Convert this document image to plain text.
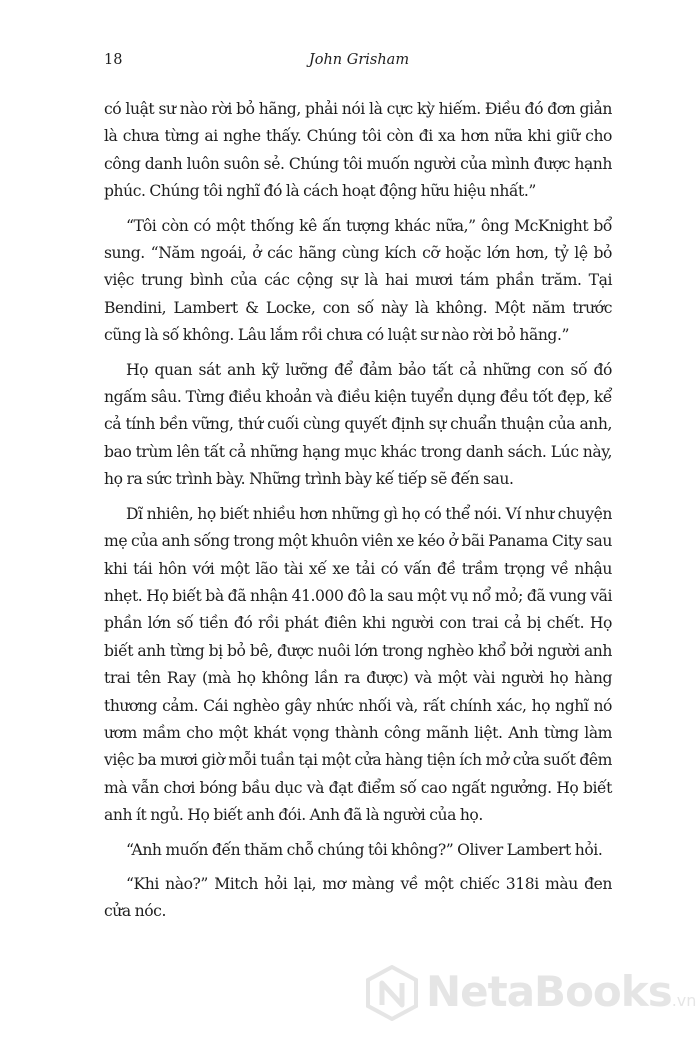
18	John Grisham

có luật sư nào rời bỏ hãng, phải nói là cực kỳ hiếm. Điều đó đơn giản là chưa từng ai nghe thấy. Chúng tôi còn đi xa hơn nữa khi giữ cho công danh luôn suôn sẻ. Chúng tôi muốn người của mình được hạnh phúc. Chúng tôi nghĩ đó là cách hoạt động hữu hiệu nhất.”

“Tôi còn có một thống kê ấn tượng khác nữa,” ông McKnight bổ sung. “Năm ngoái, ở các hãng cùng kích cỡ hoặc lớn hơn, tỷ lệ bỏ việc trung bình của các cộng sự là hai mươi tám phần trăm. Tại Bendini, Lambert & Locke, con số này là không. Một năm trước cũng là số không. Lâu lắm rồi chưa có luật sư nào rời bỏ hãng.”

Họ quan sát anh kỹ lưỡng để đảm bảo tất cả những con số đó ngấm sâu. Từng điều khoản và điều kiện tuyển dụng đều tốt đẹp, kể cả tính bền vững, thứ cuối cùng quyết định sự chuẩn thuận của anh, bao trùm lên tất cả những hạng mục khác trong danh sách. Lúc này, họ ra sức trình bày. Những trình bày kế tiếp sẽ đến sau.

Dĩ nhiên, họ biết nhiều hơn những gì họ có thể nói. Ví như chuyện mẹ của anh sống trong một khuôn viên xe kéo ở bãi Panama City sau khi tái hôn với một lão tài xế xe tải có vấn đề trầm trọng về nhậu nhẹt. Họ biết bà đã nhận 41.000 đô la sau một vụ nổ mỏ; đã vung vãi phần lớn số tiền đó rồi phát điên khi người con trai cả bị chết. Họ biết anh từng bị bỏ bê, được nuôi lớn trong nghèo khổ bởi người anh trai tên Ray (mà họ không lần ra được) và một vài người họ hàng thương cảm. Cái nghèo gây nhức nhối và, rất chính xác, họ nghĩ nó ươm mầm cho một khát vọng thành công mãnh liệt. Anh từng làm việc ba mươi giờ mỗi tuần tại một cửa hàng tiện ích mở cửa suốt đêm mà vẫn chơi bóng bầu dục và đạt điểm số cao ngất ngưởng. Họ biết anh ít ngủ. Họ biết anh đói. Anh đã là người của họ.

“Anh muốn đến thăm chỗ chúng tôi không?” Oliver Lambert hỏi.

“Khi nào?” Mitch hỏi lại, mơ màng về một chiếc 318i màu đen cửa nóc.

NetaBooks.vn
